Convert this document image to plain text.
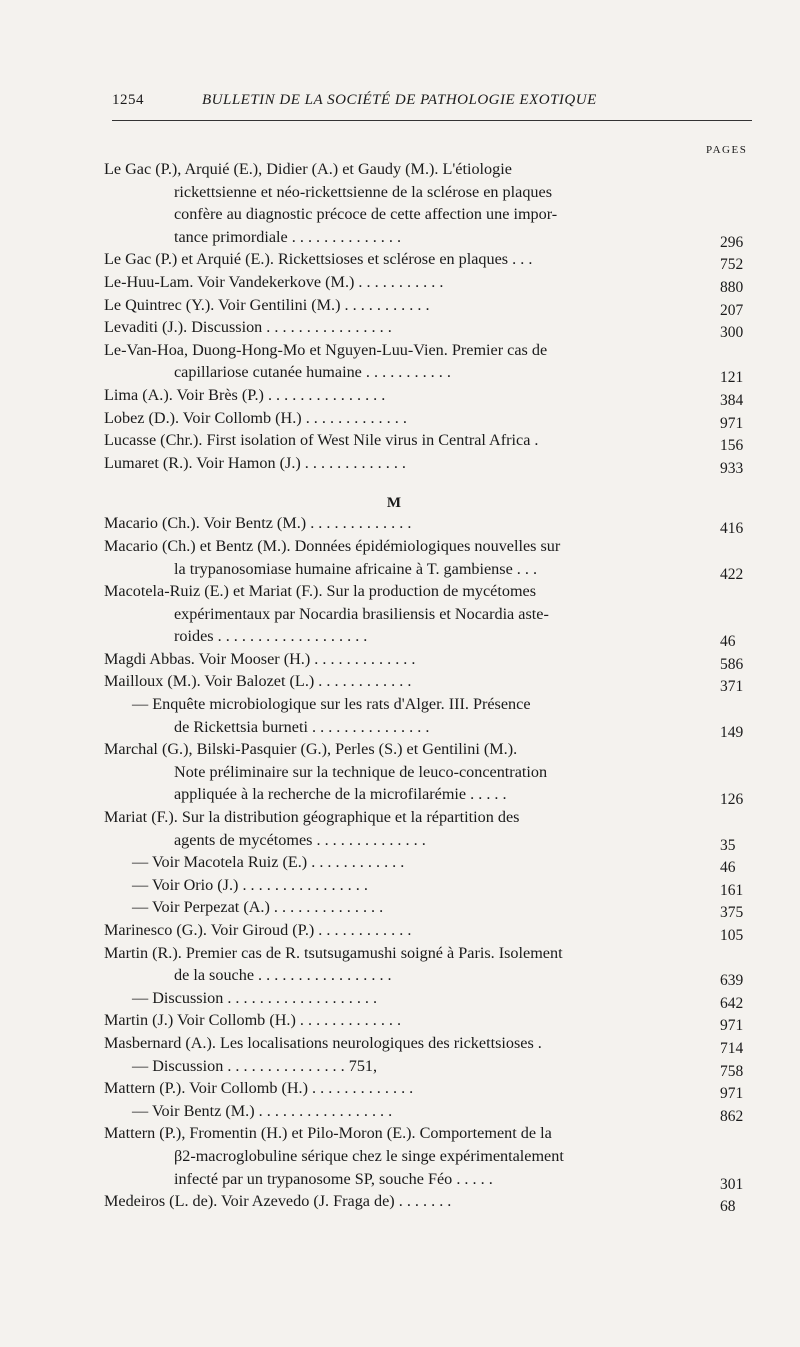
1254	BULLETIN DE LA SOCIÉTÉ DE PATHOLOGIE EXOTIQUE
PAGES
Le Gac (P.), Arquié (E.), Didier (A.) et Gaudy (M.). L'étiologie
rickettsienne et néo-rickettsienne de la sclérose en plaques
confère au diagnostic précoce de cette affection une impor-
tance primordiale . . . . . . . . . . . . . .	296
Le Gac (P.) et Arquié (E.). Rickettsioses et sclérose en plaques . . .	752
Le-Huu-Lam. Voir Vandekerkove (M.) . . . . . . . . . . .	880
Le Quintrec (Y.). Voir Gentilini (M.) . . . . . . . . . . .	207
Levaditi (J.). Discussion . . . . . . . . . . . . . . . .	300
Le-Van-Hoa, Duong-Hong-Mo et Nguyen-Luu-Vien. Premier cas de
capillariose cutanée humaine . . . . . . . . . . .	121
Lima (A.). Voir Brès (P.) . . . . . . . . . . . . . . .	384
Lobez (D.). Voir Collomb (H.) . . . . . . . . . . . . .	971
Lucasse (Chr.). First isolation of West Nile virus in Central Africa .	156
Lumaret (R.). Voir Hamon (J.) . . . . . . . . . . . . .	933
M
Macario (Ch.). Voir Bentz (M.) . . . . . . . . . . . . .	416
Macario (Ch.) et Bentz (M.). Données épidémiologiques nouvelles sur
la trypanosomiase humaine africaine à T. gambiense . . .	422
Macotela-Ruiz (E.) et Mariat (F.). Sur la production de mycétomes
expérimentaux par Nocardia brasiliensis et Nocardia aste-
roides . . . . . . . . . . . . . . . . . . .	46
Magdi Abbas. Voir Mooser (H.) . . . . . . . . . . . . .	586
Mailloux (M.). Voir Balozet (L.) . . . . . . . . . . . .	371
— Enquête microbiologique sur les rats d'Alger. III. Présence
de Rickettsia burneti . . . . . . . . . . . . . . .	149
Marchal (G.), Bilski-Pasquier (G.), Perles (S.) et Gentilini (M.).
Note préliminaire sur la technique de leuco-concentration
appliquée à la recherche de la microfilarémie . . . . .	126
Mariat (F.). Sur la distribution géographique et la répartition des
agents de mycétomes . . . . . . . . . . . . . .	35
— Voir Macotela Ruiz (E.) . . . . . . . . . . . .	46
— Voir Orio (J.) . . . . . . . . . . . . . . . .	161
— Voir Perpezat (A.) . . . . . . . . . . . . . .	375
Marinesco (G.). Voir Giroud (P.) . . . . . . . . . . . .	105
Martin (R.). Premier cas de R. tsutsugamushi soigné à Paris. Isolement
de la souche . . . . . . . . . . . . . . . . .	639
— Discussion . . . . . . . . . . . . . . . . . . .	642
Martin (J.) Voir Collomb (H.) . . . . . . . . . . . . .	971
Masbernard (A.). Les localisations neurologiques des rickettsioses .	714
— Discussion . . . . . . . . . . . . . . . 751,	758
Mattern (P.). Voir Collomb (H.) . . . . . . . . . . . . .	971
— Voir Bentz (M.) . . . . . . . . . . . . . . . . .	862
Mattern (P.), Fromentin (H.) et Pilo-Moron (E.). Comportement de la
β2-macroglobuline sérique chez le singe expérimentalement
infecté par un trypanosome SP, souche Féo . . . . .	301
Medeiros (L. de). Voir Azevedo (J. Fraga de) . . . . . . .	68
